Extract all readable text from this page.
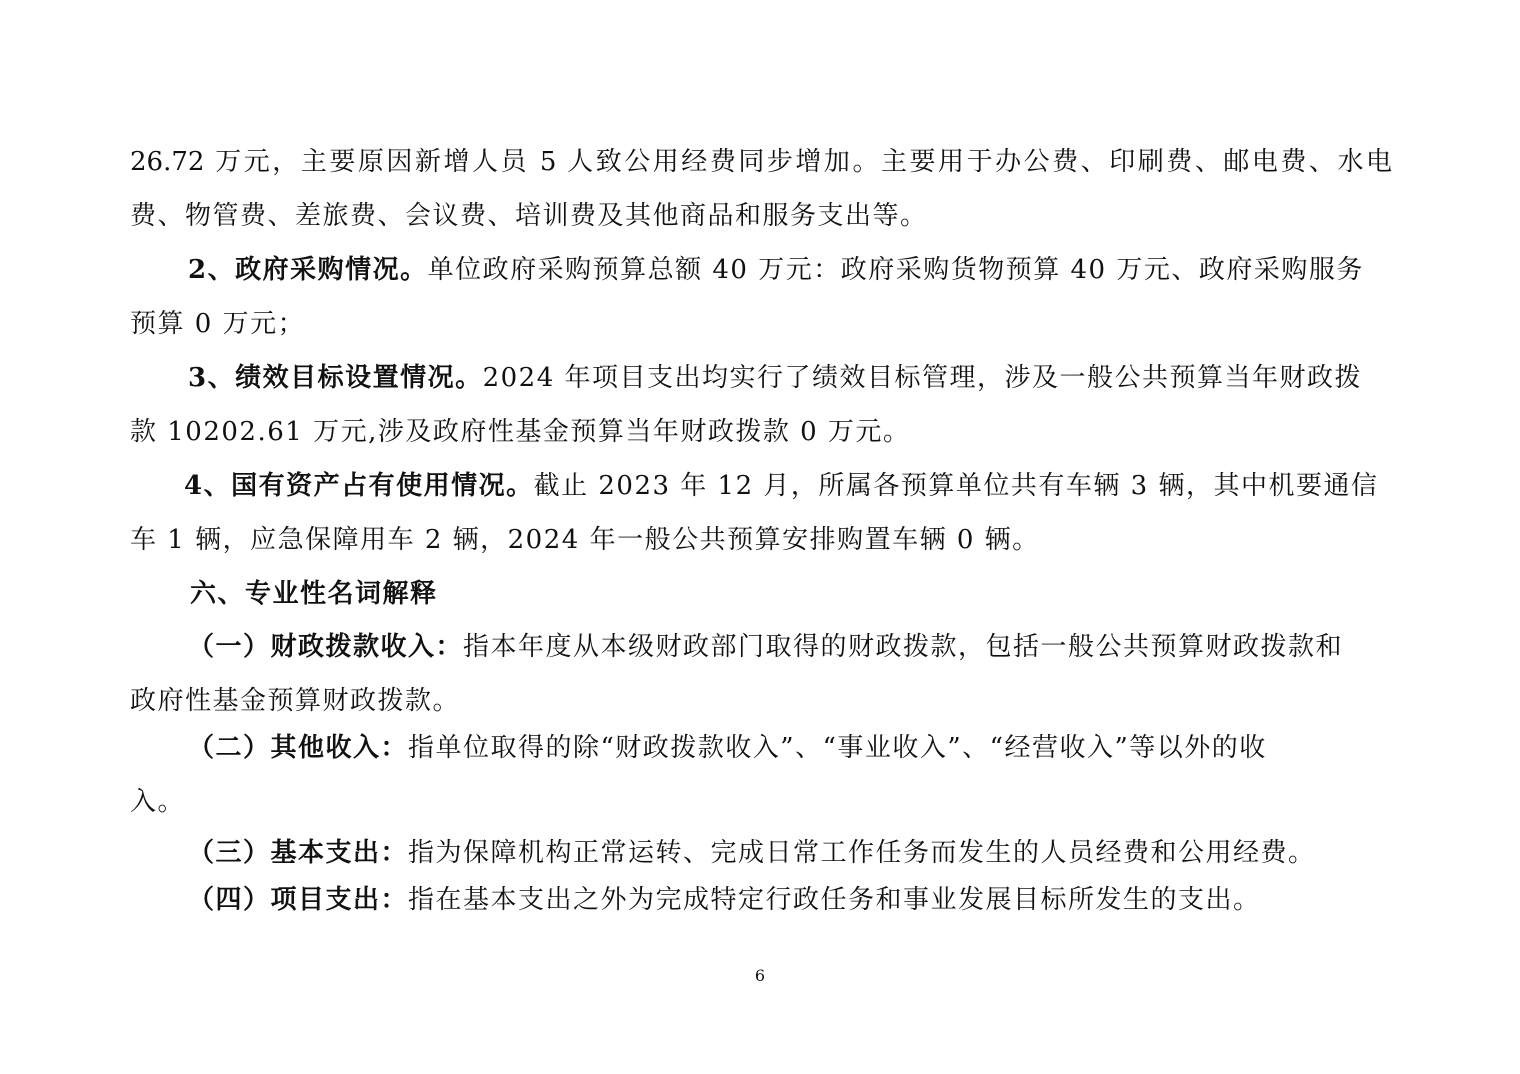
26.72 万元，主要原因新增人员 5 人致公用经费同步增加。主要用于办公费、印刷费、邮电费、水电
费、物管费、差旅费、会议费、培训费及其他商品和服务支出等。
2、政府采购情况。单位政府采购预算总额 40 万元：政府采购货物预算 40 万元、政府采购服务
预算 0 万元；
3、绩效目标设置情况。2024 年项目支出均实行了绩效目标管理，涉及一般公共预算当年财政拨
款 10202.61 万元,涉及政府性基金预算当年财政拨款 0 万元。
4、国有资产占有使用情况。截止 2023 年 12 月，所属各预算单位共有车辆 3 辆，其中机要通信
车 1 辆，应急保障用车 2 辆，2024 年一般公共预算安排购置车辆 0 辆。
六、专业性名词解释
（一）财政拨款收入：指本年度从本级财政部门取得的财政拨款，包括一般公共预算财政拨款和
政府性基金预算财政拨款。
（二）其他收入：指单位取得的除“财政拨款收入”、“事业收入”、“经营收入”等以外的收
入。
（三）基本支出：指为保障机构正常运转、完成日常工作任务而发生的人员经费和公用经费。
（四）项目支出：指在基本支出之外为完成特定行政任务和事业发展目标所发生的支出。
6
